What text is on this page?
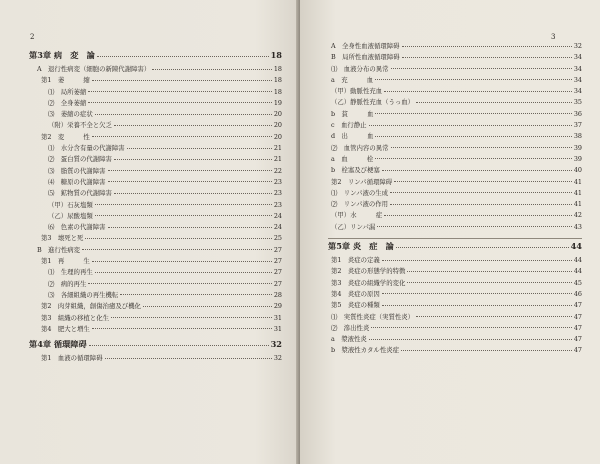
2
第3章 病　変　論	18
A　退行性病変（細胞の新陳代謝障害）	18
第1　萎　　　縮	18
⑴　局所萎縮	18
⑵　全身萎縮	19
⑶　萎縮の症状	20
（附）栄養不全と欠乏	20
第2　変　　　性	20
⑴　水分含有量の代謝障害	21
⑵　蛋白質の代謝障害	21
⑶　脂質の代謝障害	22
⑷　糖原の代謝障害	23
⑸　鉱物質の代謝障害	23
（甲）石灰塩類	23
（乙）尿酸塩類	24
⑹　色素の代謝障害	24
第3　壊死と死	25
B　進行性病変	27
第1　再　　　生	27
⑴　生理的再生	27
⑵　病的再生	27
⑶　各細組織の再生機転	28
第2　肉芽組織，創傷治癒及び機化	29
第3　組織の移植と化生	31
第4　肥大と増生	31
第4章 循環障碍	32
第1　血液の循環障碍	32
3
A　全身性血液循環障碍	32
B　局所性血液循環障碍	34
⑴　血液分布の異常	34
a　充　　　血	34
（甲）動脈性充血	34
（乙）静脈性充血（うっ血）	35
b　貧　　　血	36
c　血行静止	37
d　出　　　血	38
⑵　血管内容の異常	39
a　血　　　栓	39
b　栓塞及び梗塞	40
第2　リンパ循環障碍	41
⑴　リンパ液の生成	41
⑵　リンパ液の作用	41
（甲）水　　　症	42
（乙）リンパ漏	43
第5章 炎　症　論	44
第1　炎症の定義	44
第2　炎症の形態学的特徴	44
第3　炎症の組織学的変化	45
第4　炎症の原因	46
第5　炎症の種類	47
⑴　実質性炎症（実質性炎）	47
⑵　滲出性炎	47
a　漿液性炎	47
b　漿液性カタル性炎症	47
